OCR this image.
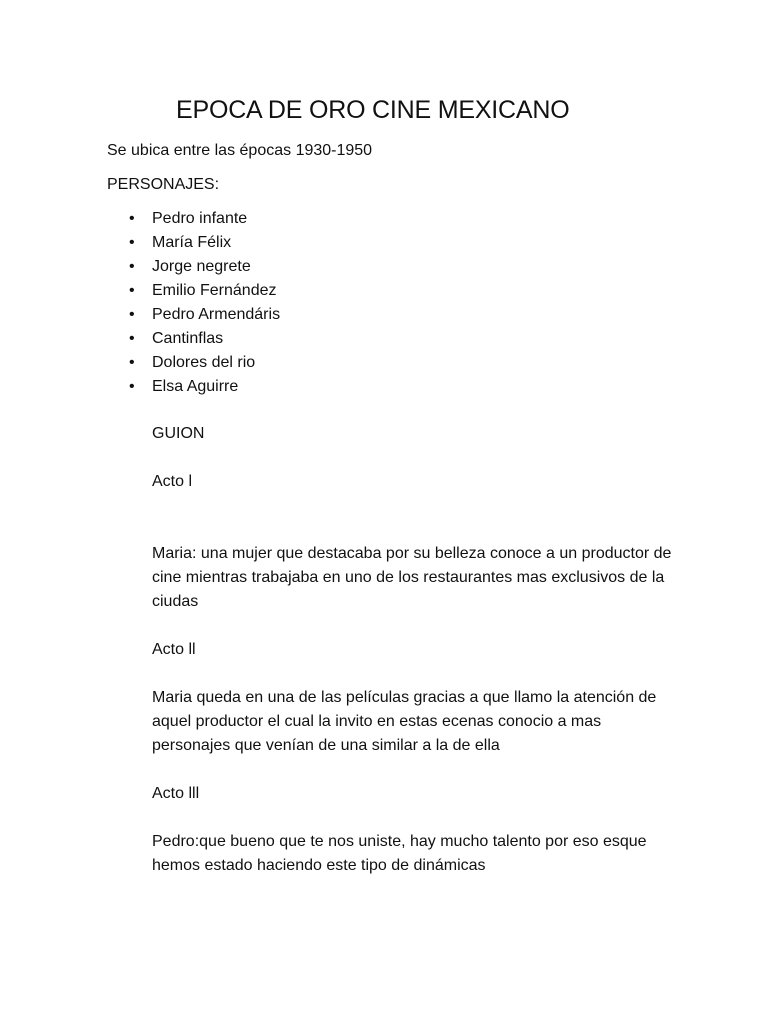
EPOCA DE ORO CINE MEXICANO

Se ubica entre las épocas 1930-1950

PERSONAJES:

• Pedro infante
• María Félix
• Jorge negrete
• Emilio Fernández
• Pedro Armendáris
• Cantinflas
• Dolores del rio
• Elsa Aguirre

GUION

Acto l

Maria: una mujer que destacaba por su belleza conoce a un productor de cine mientras trabajaba en uno de los restaurantes mas exclusivos de la ciudas

Acto ll

Maria queda en una de las películas gracias a que llamo la atención de aquel productor el cual la invito en estas ecenas conocio a mas personajes que venían de una similar a la de ella

Acto lll

Pedro:que bueno que te nos uniste, hay mucho talento por eso esque hemos estado haciendo este tipo de dinámicas
